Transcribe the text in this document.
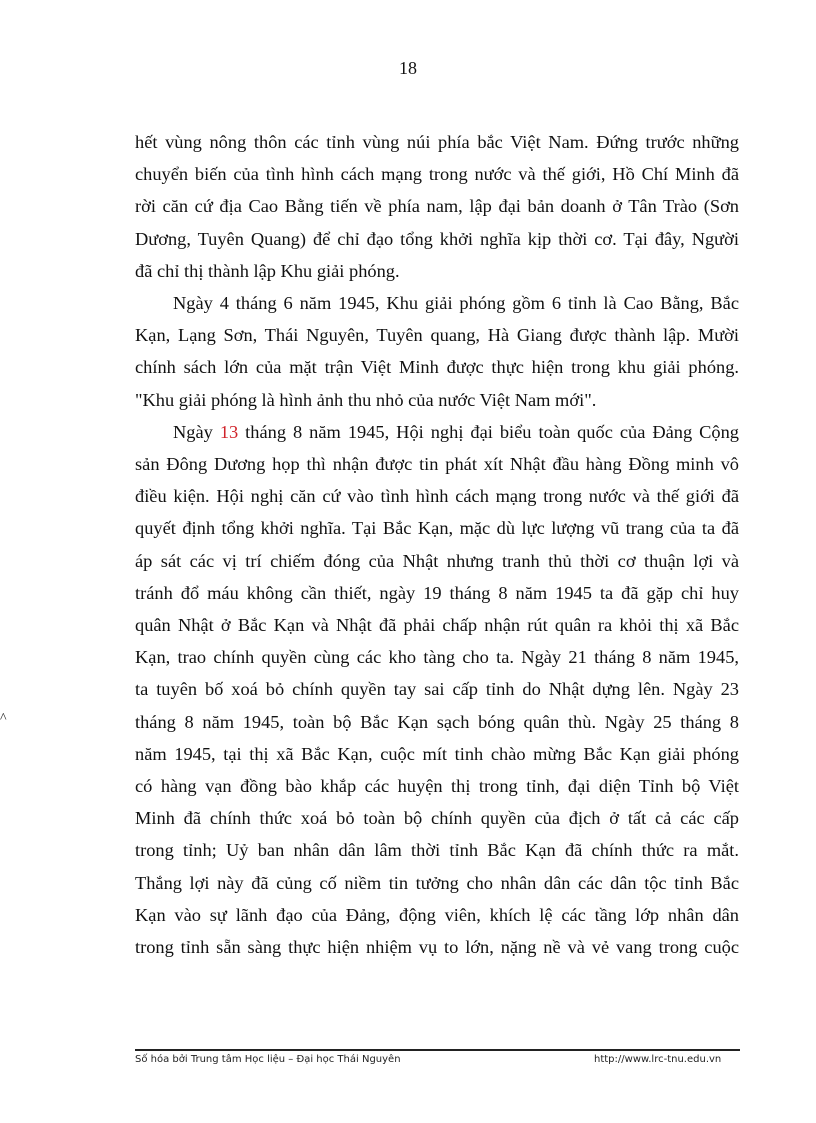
18
^

hết vùng nông thôn các tỉnh vùng núi phía bắc Việt Nam. Đứng trước những
chuyển biến của tình hình cách mạng trong nước và thế giới, Hồ Chí Minh đã
rời căn cứ địa Cao Bằng tiến về phía nam, lập đại bản doanh ở Tân Trào (Sơn
Dương, Tuyên Quang) để chỉ đạo tổng khởi nghĩa kịp thời cơ. Tại đây, Người
đã chỉ thị thành lập Khu giải phóng.

Ngày 4 tháng 6 năm 1945, Khu giải phóng gồm 6 tỉnh là Cao Bằng, Bắc
Kạn, Lạng Sơn, Thái Nguyên, Tuyên quang, Hà Giang được thành lập. Mười
chính sách lớn của mặt trận Việt Minh được thực hiện trong khu giải phóng.
"Khu giải phóng là hình ảnh thu nhỏ của nước Việt Nam mới".

Ngày 13 tháng 8 năm 1945, Hội nghị đại biểu toàn quốc của Đảng Cộng
sản Đông Dương họp thì nhận được tin phát xít Nhật đầu hàng Đồng minh vô
điều kiện. Hội nghị căn cứ vào tình hình cách mạng trong nước và thế giới đã
quyết định tổng khởi nghĩa. Tại Bắc Kạn, mặc dù lực lượng vũ trang của ta đã
áp sát các vị trí chiếm đóng của Nhật nhưng tranh thủ thời cơ thuận lợi và
tránh đổ máu không cần thiết, ngày 19 tháng 8 năm 1945 ta đã gặp chỉ huy
quân Nhật ở Bắc Kạn và Nhật đã phải chấp nhận rút quân ra khỏi thị xã Bắc
Kạn, trao chính quyền cùng các kho tàng cho ta. Ngày 21 tháng 8 năm 1945,
ta tuyên bố xoá bỏ chính quyền tay sai cấp tỉnh do Nhật dựng lên. Ngày 23
tháng 8 năm 1945, toàn bộ Bắc Kạn sạch bóng quân thù. Ngày 25 tháng 8
năm 1945, tại thị xã Bắc Kạn, cuộc mít tinh chào mừng Bắc Kạn giải phóng
có hàng vạn đồng bào khắp các huyện thị trong tỉnh, đại diện Tỉnh bộ Việt
Minh đã chính thức xoá bỏ toàn bộ chính quyền của địch ở tất cả các cấp
trong tỉnh; Uỷ ban nhân dân lâm thời tỉnh Bắc Kạn đã chính thức ra mắt.
Thắng lợi này đã củng cố niềm tin tưởng cho nhân dân các dân tộc tỉnh Bắc
Kạn vào sự lãnh đạo của Đảng, động viên, khích lệ các tầng lớp nhân dân
trong tỉnh sẵn sàng thực hiện nhiệm vụ to lớn, nặng nề và vẻ vang trong cuộc

Số hóa bởi Trung tâm Học liệu – Đại học Thái Nguyên	http://www.lrc-tnu.edu.vn
